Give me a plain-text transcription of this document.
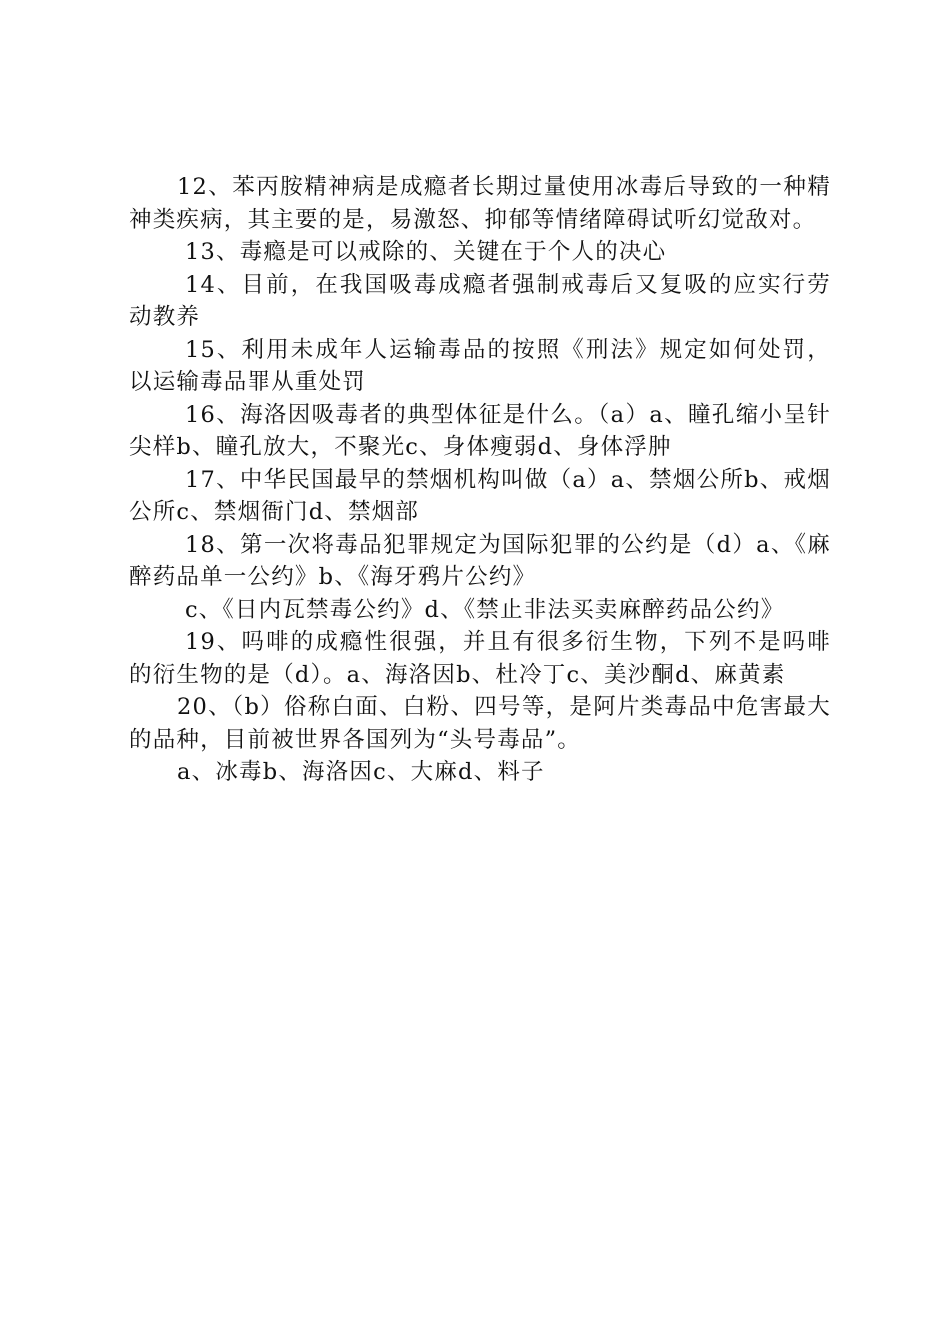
12、苯丙胺精神病是成瘾者长期过量使用冰毒后导致的一种精神类疾病，其主要的是，易激怒、抑郁等情绪障碍试听幻觉敌对。

13、毒瘾是可以戒除的、关键在于个人的决心

14、目前，在我国吸毒成瘾者强制戒毒后又复吸的应实行劳动教养

15、利用未成年人运输毒品的按照《刑法》规定如何处罚，以运输毒品罪从重处罚

16、海洛因吸毒者的典型体征是什么。（a）a、瞳孔缩小呈针尖样b、瞳孔放大，不聚光c、身体瘦弱d、身体浮肿

17、中华民国最早的禁烟机构叫做（a）a、禁烟公所b、戒烟公所c、禁烟衙门d、禁烟部

18、第一次将毒品犯罪规定为国际犯罪的公约是（d）a、《麻醉药品单一公约》b、《海牙鸦片公约》

c、《日内瓦禁毒公约》d、《禁止非法买卖麻醉药品公约》

19、吗啡的成瘾性很强，并且有很多衍生物，下列不是吗啡的衍生物的是（d）。a、海洛因b、杜冷丁c、美沙酮d、麻黄素

20、（b）俗称白面、白粉、四号等，是阿片类毒品中危害最大的品种，目前被世界各国列为“头号毒品”。

a、冰毒b、海洛因c、大麻d、料子
